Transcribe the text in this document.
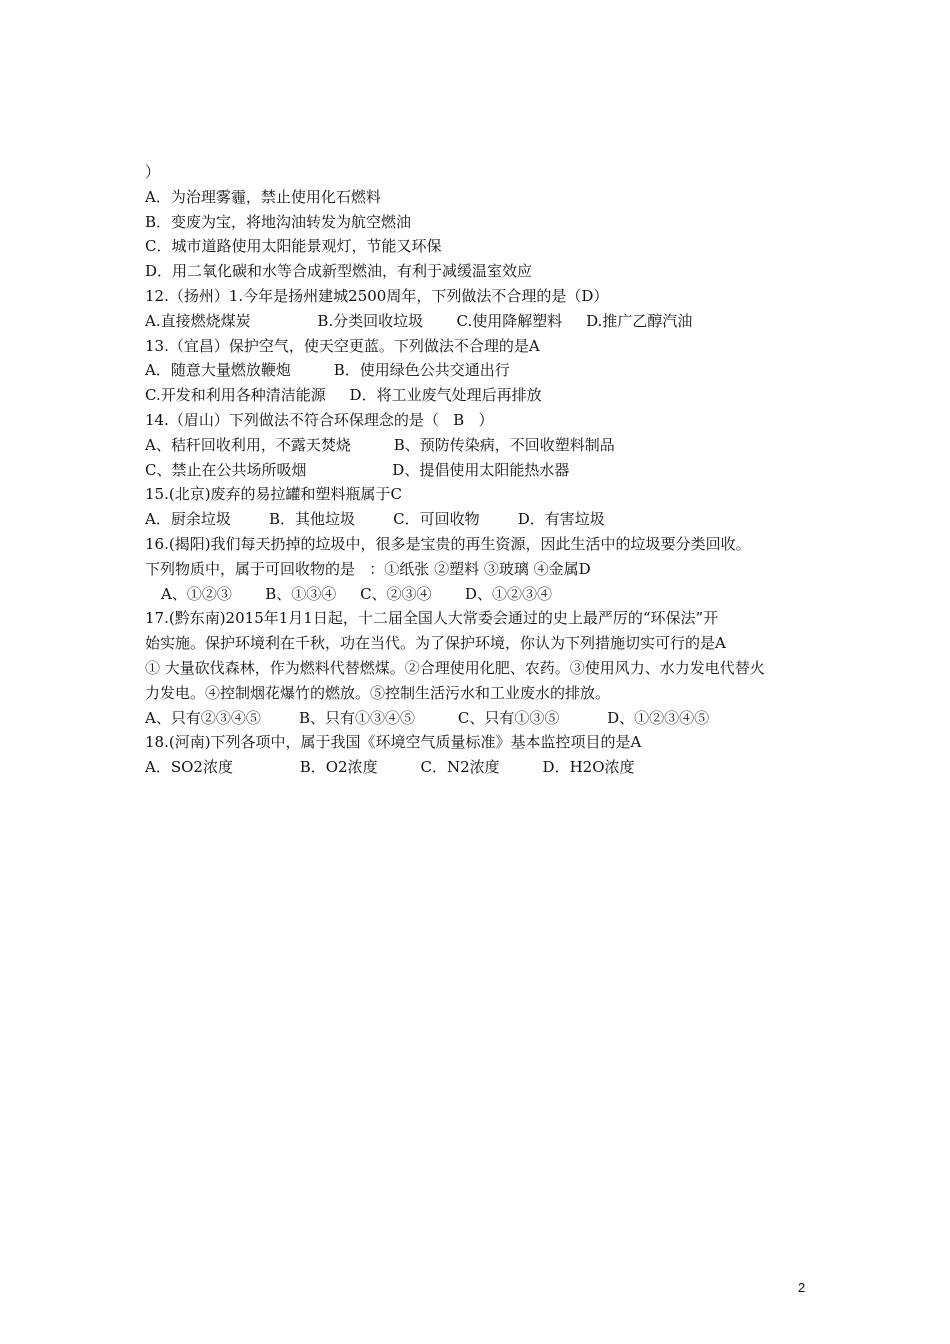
）
A．为治理雾霾，禁止使用化石燃料
B．变废为宝，将地沟油转发为航空燃油
C．城市道路使用太阳能景观灯，节能又环保
D．用二氧化碳和水等合成新型燃油，有利于减缓温室效应
12.（扬州）1.今年是扬州建城2500周年，下列做法不合理的是（D）
A.直接燃烧煤炭              B.分类回收垃圾       C.使用降解塑料     D.推广乙醇汽油
13.（宜昌）保护空气，使天空更蓝。下列做法不合理的是A
A．随意大量燃放鞭炮         B．使用绿色公共交通出行
C.开发和利用各种清洁能源     D．将工业废气处理后再排放
14.（眉山）下列做法不符合环保理念的是（   B   ）
A、秸秆回收利用，不露天焚烧         B、预防传染病，不回收塑料制品
C、禁止在公共场所吸烟                  D、提倡使用太阳能热水器
15.(北京)废弃的易拉罐和塑料瓶属于C
A．厨余垃圾        B．其他垃圾        C．可回收物        D．有害垃圾
16.(揭阳)我们每天扔掉的垃圾中，很多是宝贵的再生资源，因此生活中的垃圾要分类回收。
下列物质中，属于可回收物的是   ：①纸张 ②塑料 ③玻璃 ④金属D
A、①②③       B、①③④     C、②③④       D、①②③④
17.(黔东南)2015年1月1日起，十二届全国人大常委会通过的史上最严厉的“环保法”开
始实施。保护环境利在千秋，功在当代。为了保护环境，你认为下列措施切实可行的是A
① 大量砍伐森林，作为燃料代替燃煤。②合理使用化肥、农药。③使用风力、水力发电代替火
力发电。④控制烟花爆竹的燃放。⑤控制生活污水和工业废水的排放。
A、只有②③④⑤        B、只有①③④⑤         C、只有①③⑤          D、①②③④⑤
18.(河南)下列各项中，属于我国《环境空气质量标准》基本监控项目的是A
A．SO2浓度              B．O2浓度         C．N2浓度         D．H2O浓度
2
